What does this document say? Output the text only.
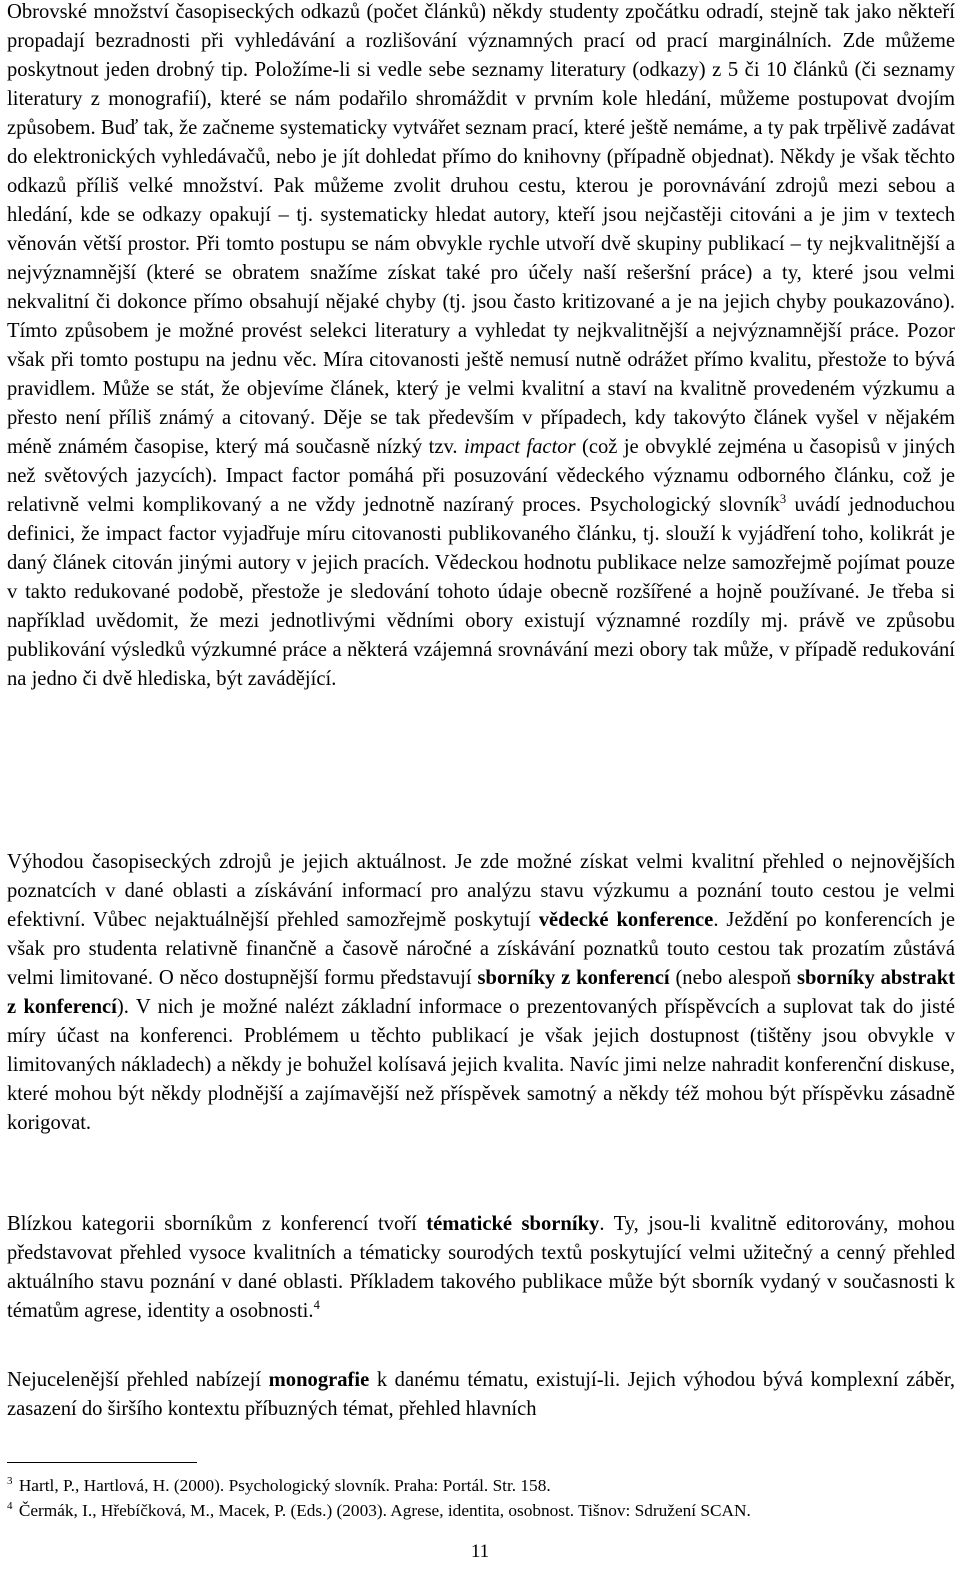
Obrovské množství časopiseckých odkazů (počet článků) někdy studenty zpočátku odradí, stejně tak jako někteří propadají bezradnosti při vyhledávání a rozlišování významných prací od prací marginálních. Zde můžeme poskytnout jeden drobný tip. Položíme-li si vedle sebe seznamy literatury (odkazy) z 5 či 10 článků (či seznamy literatury z monografií), které se nám podařilo shromáždit v prvním kole hledání, můžeme postupovat dvojím způsobem. Buď tak, že začneme systematicky vytvářet seznam prací, které ještě nemáme, a ty pak trpělivě zadávat do elektronických vyhledávačů, nebo je jít dohledat přímo do knihovny (případně objednat). Někdy je však těchto odkazů příliš velké množství. Pak můžeme zvolit druhou cestu, kterou je porovnávání zdrojů mezi sebou a hledání, kde se odkazy opakují – tj. systematicky hledat autory, kteří jsou nejčastěji citováni a je jim v textech věnován větší prostor. Při tomto postupu se nám obvykle rychle utvoří dvě skupiny publikací – ty nejkvalitnější a nejvýznamnější (které se obratem snažíme získat také pro účely naší rešeršní práce) a ty, které jsou velmi nekvalitní či dokonce přímo obsahují nějaké chyby (tj. jsou často kritizované a je na jejich chyby poukazováno). Tímto způsobem je možné provést selekci literatury a vyhledat ty nejkvalitnější a nejvýznamnější práce. Pozor však při tomto postupu na jednu věc. Míra citovanosti ještě nemusí nutně odrážet přímo kvalitu, přestože to bývá pravidlem. Může se stát, že objevíme článek, který je velmi kvalitní a staví na kvalitně provedeném výzkumu a přesto není příliš známý a citovaný. Děje se tak především v případech, kdy takovýto článek vyšel v nějakém méně známém časopise, který má současně nízký tzv. impact factor (což je obvyklé zejména u časopisů v jiných než světových jazycích). Impact factor pomáhá při posuzování vědeckého významu odborného článku, což je relativně velmi komplikovaný a ne vždy jednotně nazíraný proces. Psychologický slovník$^3$ uvádí jednoduchou definici, že impact factor vyjadřuje míru citovanosti publikovaného článku, tj. slouží k vyjádření toho, kolikrát je daný článek citován jinými autory v jejich pracích. Vědeckou hodnotu publikace nelze samozřejmě pojímat pouze v takto redukované podobě, přestože je sledování tohoto údaje obecně rozšířené a hojně používané. Je třeba si například uvědomit, že mezi jednotlivými vědními obory existují významné rozdíly mj. právě ve způsobu publikování výsledků výzkumné práce a některá vzájemná srovnávání mezi obory tak může, v případě redukování na jedno či dvě hlediska, být zavádějící.

Výhodou časopiseckých zdrojů je jejich aktuálnost. Je zde možné získat velmi kvalitní přehled o nejnovějších poznatcích v dané oblasti a získávání informací pro analýzu stavu výzkumu a poznání touto cestou je velmi efektivní. Vůbec nejaktuálnější přehled samozřejmě poskytují vědecké konference. Ježdění po konferencích je však pro studenta relativně finančně a časově náročné a získávání poznatků touto cestou tak prozatím zůstává velmi limitované. O něco dostupnější formu představují sborníky z konferencí (nebo alespoň sborníky abstrakt z konferencí). V nich je možné nalézt základní informace o prezentovaných příspěvcích a suplovat tak do jisté míry účast na konferenci. Problémem u těchto publikací je však jejich dostupnost (tištěny jsou obvykle v limitovaných nákladech) a někdy je bohužel kolísavá jejich kvalita. Navíc jimi nelze nahradit konferenční diskuse, které mohou být někdy plodnější a zajímavější než příspěvek samotný a někdy též mohou být příspěvku zásadně korigovat.

Blízkou kategorii sborníkům z konferencí tvoří tématické sborníky. Ty, jsou-li kvalitně editorovány, mohou představovat přehled vysoce kvalitních a tématicky sourodých textů poskytující velmi užitečný a cenný přehled aktuálního stavu poznání v dané oblasti. Příkladem takového publikace může být sborník vydaný v současnosti k tématům agrese, identity a osobnosti.$^4$

Nejucelenější přehled nabízejí monografie k danému tématu, existují-li. Jejich výhodou bývá komplexní záběr, zasazení do širšího kontextu příbuzných témat, přehled hlavních

$^3$ Hartl, P., Hartlová, H. (2000). Psychologický slovník. Praha: Portál. Str. 158.
$^4$ Čermák, I., Hřebíčková, M., Macek, P. (Eds.) (2003). Agrese, identita, osobnost. Tišnov: Sdružení SCAN.
11
